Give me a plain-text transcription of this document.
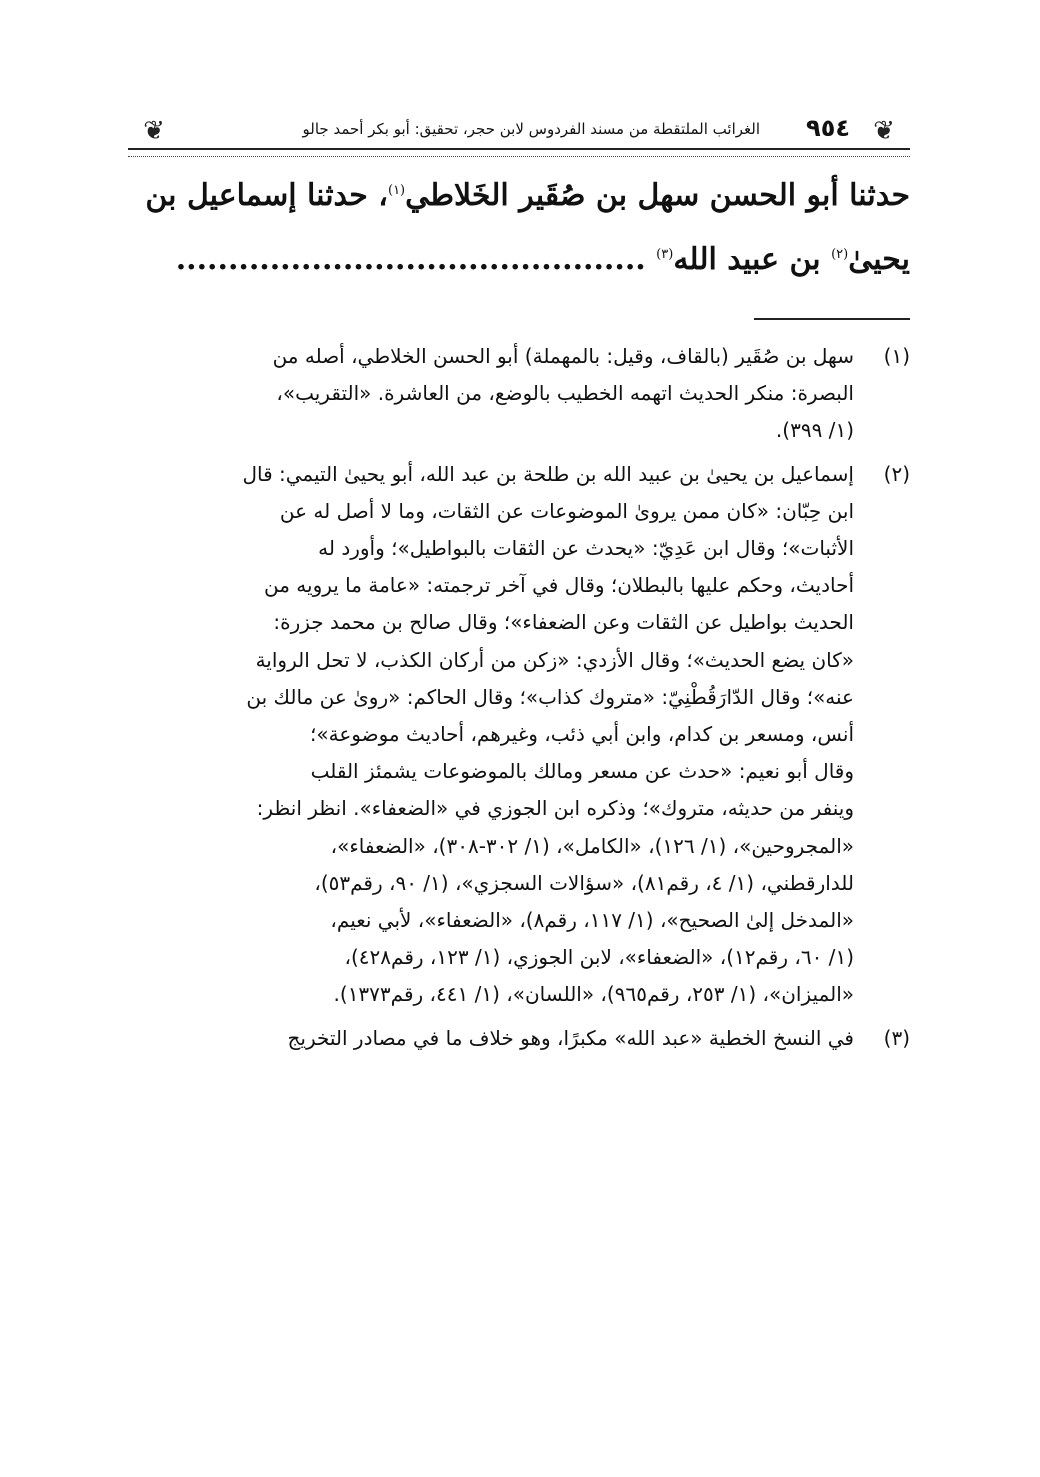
❦
٩٥٤
الغرائب الملتقطة من مسند الفردوس لابن حجر، تحقيق: أبو بكر أحمد جالو
❦

حدثنا أبو الحسن سهل بن صُقَير الخَلاطي$^{(١)}$، حدثنا إسماعيل بن

يحيىٰ$^{(٢)}$ بن عبيد الله$^{(٣)}$ .............................................

(١)
سهل بن صُقَير (بالقاف، وقيل: بالمهملة) أبو الحسن الخلاطي، أصله من
البصرة: منكر الحديث اتهمه الخطيب بالوضع، من العاشرة. «التقريب»،
(١/ ٣٩٩).
(٢)
إسماعيل بن يحيىٰ بن عبيد الله بن طلحة بن عبد الله، أبو يحيىٰ التيمي: قال
ابن حِبّان: «كان ممن يروىٰ الموضوعات عن الثقات، وما لا أصل له عن
الأثبات»؛ وقال ابن عَدِيّ: «يحدث عن الثقات بالبواطيل»؛ وأورد له
أحاديث، وحكم عليها بالبطلان؛ وقال في آخر ترجمته: «عامة ما يرويه من
الحديث بواطيل عن الثقات وعن الضعفاء»؛ وقال صالح بن محمد جزرة:
«كان يضع الحديث»؛ وقال الأزدي: «زكن من أركان الكذب، لا تحل الرواية
عنه»؛ وقال الدّارَقُطْنِيّ: «متروك كذاب»؛ وقال الحاكم: «روىٰ عن مالك بن
أنس، ومسعر بن كدام، وابن أبي ذئب، وغيرهم، أحاديث موضوعة»؛
وقال أبو نعيم: «حدث عن مسعر ومالك بالموضوعات يشمئز القلب
وينفر من حديثه، متروك»؛ وذكره ابن الجوزي في «الضعفاء». انظر انظر:
«المجروحين»، (١/ ١٢٦)، «الكامل»، (١/ ٣٠٢-٣٠٨)، «الضعفاء»،
للدارقطني، (١/ ٤، رقم٨١)، «سؤالات السجزي»، (١/ ٩٠، رقم٥٣)،
«المدخل إلىٰ الصحيح»، (١/ ١١٧، رقم٨)، «الضعفاء»، لأبي نعيم،
(١/ ٦٠، رقم١٢)، «الضعفاء»، لابن الجوزي، (١/ ١٢٣، رقم٤٢٨)،
«الميزان»، (١/ ٢٥٣، رقم٩٦٥)، «اللسان»، (١/ ٤٤١، رقم١٣٧٣).
(٣)
في النسخ الخطية «عبد الله» مكبرًا، وهو خلاف ما في مصادر التخريج
